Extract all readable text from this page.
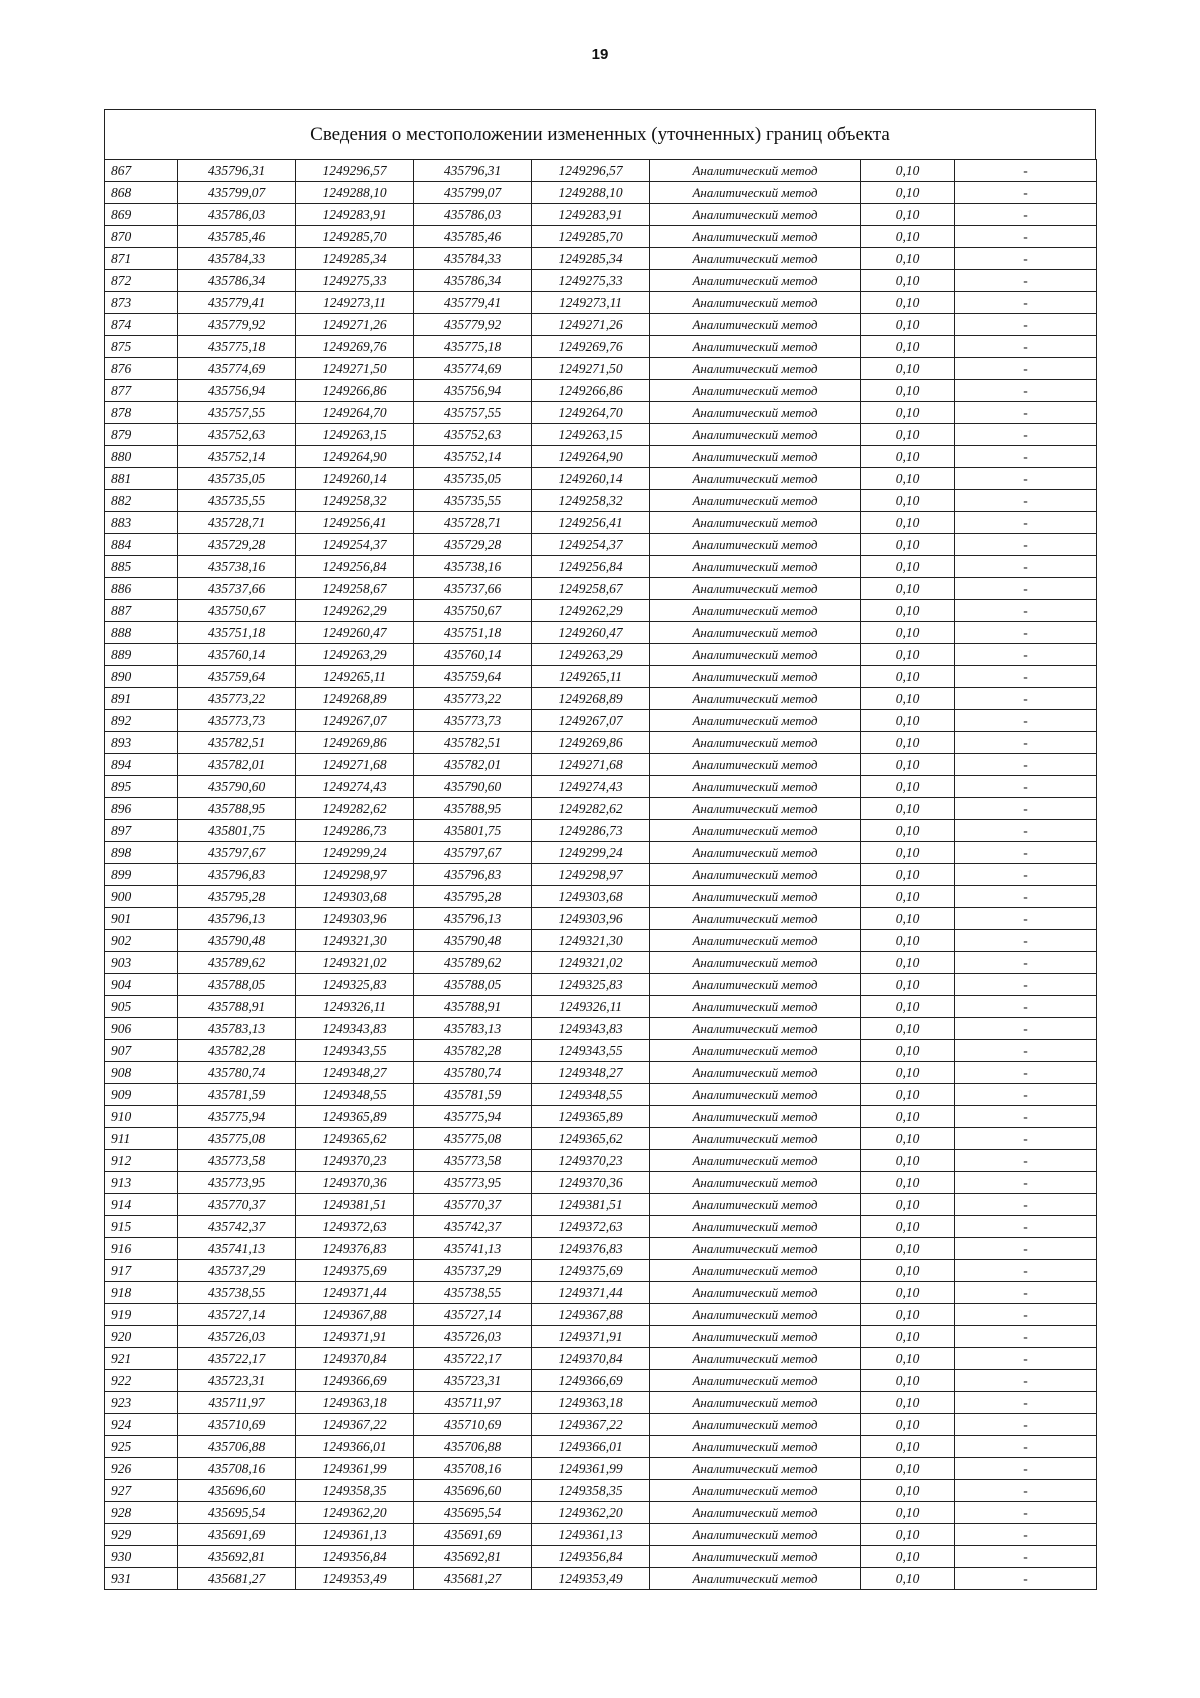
19
Сведения о местоположении измененных (уточненных) границ объекта
867	435796,31	1249296,57	435796,31	1249296,57	Аналитический метод	0,10	-
868	435799,07	1249288,10	435799,07	1249288,10	Аналитический метод	0,10	-
869	435786,03	1249283,91	435786,03	1249283,91	Аналитический метод	0,10	-
870	435785,46	1249285,70	435785,46	1249285,70	Аналитический метод	0,10	-
871	435784,33	1249285,34	435784,33	1249285,34	Аналитический метод	0,10	-
872	435786,34	1249275,33	435786,34	1249275,33	Аналитический метод	0,10	-
873	435779,41	1249273,11	435779,41	1249273,11	Аналитический метод	0,10	-
874	435779,92	1249271,26	435779,92	1249271,26	Аналитический метод	0,10	-
875	435775,18	1249269,76	435775,18	1249269,76	Аналитический метод	0,10	-
876	435774,69	1249271,50	435774,69	1249271,50	Аналитический метод	0,10	-
877	435756,94	1249266,86	435756,94	1249266,86	Аналитический метод	0,10	-
878	435757,55	1249264,70	435757,55	1249264,70	Аналитический метод	0,10	-
879	435752,63	1249263,15	435752,63	1249263,15	Аналитический метод	0,10	-
880	435752,14	1249264,90	435752,14	1249264,90	Аналитический метод	0,10	-
881	435735,05	1249260,14	435735,05	1249260,14	Аналитический метод	0,10	-
882	435735,55	1249258,32	435735,55	1249258,32	Аналитический метод	0,10	-
883	435728,71	1249256,41	435728,71	1249256,41	Аналитический метод	0,10	-
884	435729,28	1249254,37	435729,28	1249254,37	Аналитический метод	0,10	-
885	435738,16	1249256,84	435738,16	1249256,84	Аналитический метод	0,10	-
886	435737,66	1249258,67	435737,66	1249258,67	Аналитический метод	0,10	-
887	435750,67	1249262,29	435750,67	1249262,29	Аналитический метод	0,10	-
888	435751,18	1249260,47	435751,18	1249260,47	Аналитический метод	0,10	-
889	435760,14	1249263,29	435760,14	1249263,29	Аналитический метод	0,10	-
890	435759,64	1249265,11	435759,64	1249265,11	Аналитический метод	0,10	-
891	435773,22	1249268,89	435773,22	1249268,89	Аналитический метод	0,10	-
892	435773,73	1249267,07	435773,73	1249267,07	Аналитический метод	0,10	-
893	435782,51	1249269,86	435782,51	1249269,86	Аналитический метод	0,10	-
894	435782,01	1249271,68	435782,01	1249271,68	Аналитический метод	0,10	-
895	435790,60	1249274,43	435790,60	1249274,43	Аналитический метод	0,10	-
896	435788,95	1249282,62	435788,95	1249282,62	Аналитический метод	0,10	-
897	435801,75	1249286,73	435801,75	1249286,73	Аналитический метод	0,10	-
898	435797,67	1249299,24	435797,67	1249299,24	Аналитический метод	0,10	-
899	435796,83	1249298,97	435796,83	1249298,97	Аналитический метод	0,10	-
900	435795,28	1249303,68	435795,28	1249303,68	Аналитический метод	0,10	-
901	435796,13	1249303,96	435796,13	1249303,96	Аналитический метод	0,10	-
902	435790,48	1249321,30	435790,48	1249321,30	Аналитический метод	0,10	-
903	435789,62	1249321,02	435789,62	1249321,02	Аналитический метод	0,10	-
904	435788,05	1249325,83	435788,05	1249325,83	Аналитический метод	0,10	-
905	435788,91	1249326,11	435788,91	1249326,11	Аналитический метод	0,10	-
906	435783,13	1249343,83	435783,13	1249343,83	Аналитический метод	0,10	-
907	435782,28	1249343,55	435782,28	1249343,55	Аналитический метод	0,10	-
908	435780,74	1249348,27	435780,74	1249348,27	Аналитический метод	0,10	-
909	435781,59	1249348,55	435781,59	1249348,55	Аналитический метод	0,10	-
910	435775,94	1249365,89	435775,94	1249365,89	Аналитический метод	0,10	-
911	435775,08	1249365,62	435775,08	1249365,62	Аналитический метод	0,10	-
912	435773,58	1249370,23	435773,58	1249370,23	Аналитический метод	0,10	-
913	435773,95	1249370,36	435773,95	1249370,36	Аналитический метод	0,10	-
914	435770,37	1249381,51	435770,37	1249381,51	Аналитический метод	0,10	-
915	435742,37	1249372,63	435742,37	1249372,63	Аналитический метод	0,10	-
916	435741,13	1249376,83	435741,13	1249376,83	Аналитический метод	0,10	-
917	435737,29	1249375,69	435737,29	1249375,69	Аналитический метод	0,10	-
918	435738,55	1249371,44	435738,55	1249371,44	Аналитический метод	0,10	-
919	435727,14	1249367,88	435727,14	1249367,88	Аналитический метод	0,10	-
920	435726,03	1249371,91	435726,03	1249371,91	Аналитический метод	0,10	-
921	435722,17	1249370,84	435722,17	1249370,84	Аналитический метод	0,10	-
922	435723,31	1249366,69	435723,31	1249366,69	Аналитический метод	0,10	-
923	435711,97	1249363,18	435711,97	1249363,18	Аналитический метод	0,10	-
924	435710,69	1249367,22	435710,69	1249367,22	Аналитический метод	0,10	-
925	435706,88	1249366,01	435706,88	1249366,01	Аналитический метод	0,10	-
926	435708,16	1249361,99	435708,16	1249361,99	Аналитический метод	0,10	-
927	435696,60	1249358,35	435696,60	1249358,35	Аналитический метод	0,10	-
928	435695,54	1249362,20	435695,54	1249362,20	Аналитический метод	0,10	-
929	435691,69	1249361,13	435691,69	1249361,13	Аналитический метод	0,10	-
930	435692,81	1249356,84	435692,81	1249356,84	Аналитический метод	0,10	-
931	435681,27	1249353,49	435681,27	1249353,49	Аналитический метод	0,10	-
